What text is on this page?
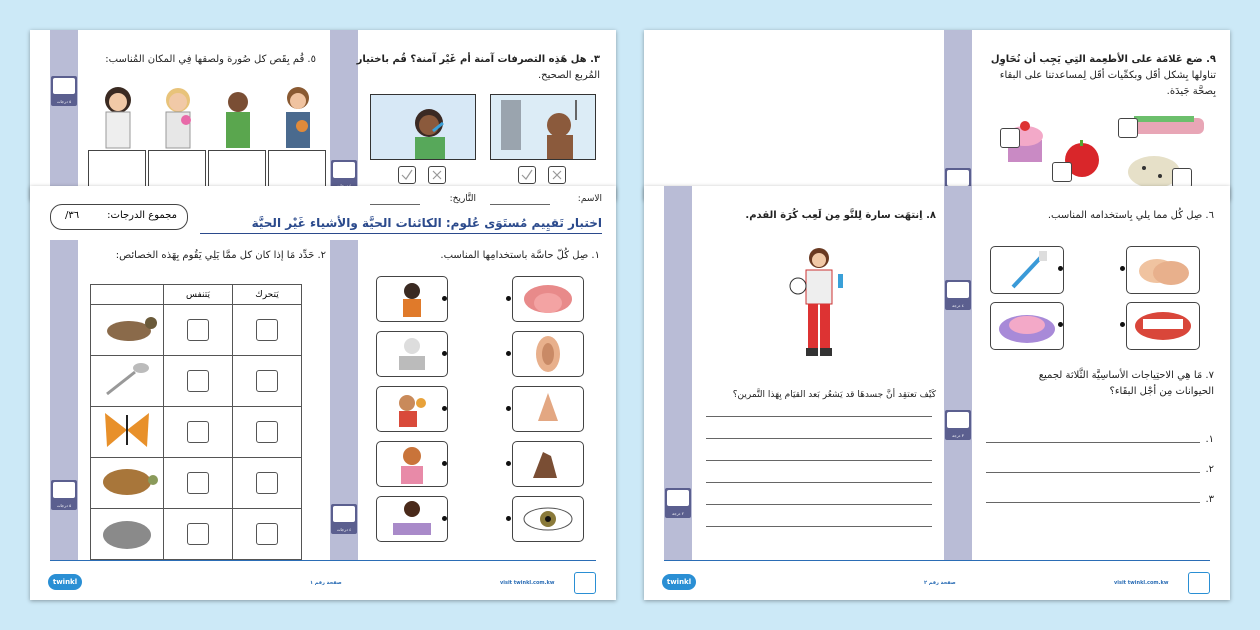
٥ درجات
٣. هل هَذِه التصرفات آمنة أم غَيْر آمنة؟ قُم باختيار
المُربع الصحيح.
٥. قُم بِقَص كل صُورة ولصقها فِي المكان المُناسب:	٩. ضع عَلامَة على الأطعِمة التِي يَجِب أن نُحَاوِل
تناولها بِشكل أقَل وبكمِّيات أقَل لِمساعدتنا على البقاء
بِصحَّة جَيدَة.
٥ درجات
٤ درجات
الاسم:
التَّاريخ:
مجموع الدرجات:
/٣٦
اختبار تَقيِيم مُستَوَى عُلوم: الكائنات الحيَّة والأشياء غَيْر الحيَّة
١. صِل كُلّ حاسَّة باستخدامِها المناسب.
٢. حَدِّد مَا إذا كان كل ممَّا يَلِي يَقُوم بِهَذه الخصائص:
	يَتنفس	يَتحرك

twinkl	صفحة رقم ١	visit twinkl.com.kw
٢ درجة
٤ درجة
٣ درجة
٦. صِل كُل مما يلي بِاستخدامه المناسب.
٨. اِنتهَت سارة لِلتَّو مِن لَعِب كُرَة القدم.
٧. مَا هِي الاحتِياجات الأساسِيَّة الثَّلاثة لجميع
الحيوانات مِن أجْل البقَاء؟
١.
٢.
٣.
كَيْف تعتقِد أنَّ جسدهَا قد يَشعُر بَعد القيَام بِهَذا التَّمرين؟
twinkl	صفحة رقم ٢	visit twinkl.com.kw
